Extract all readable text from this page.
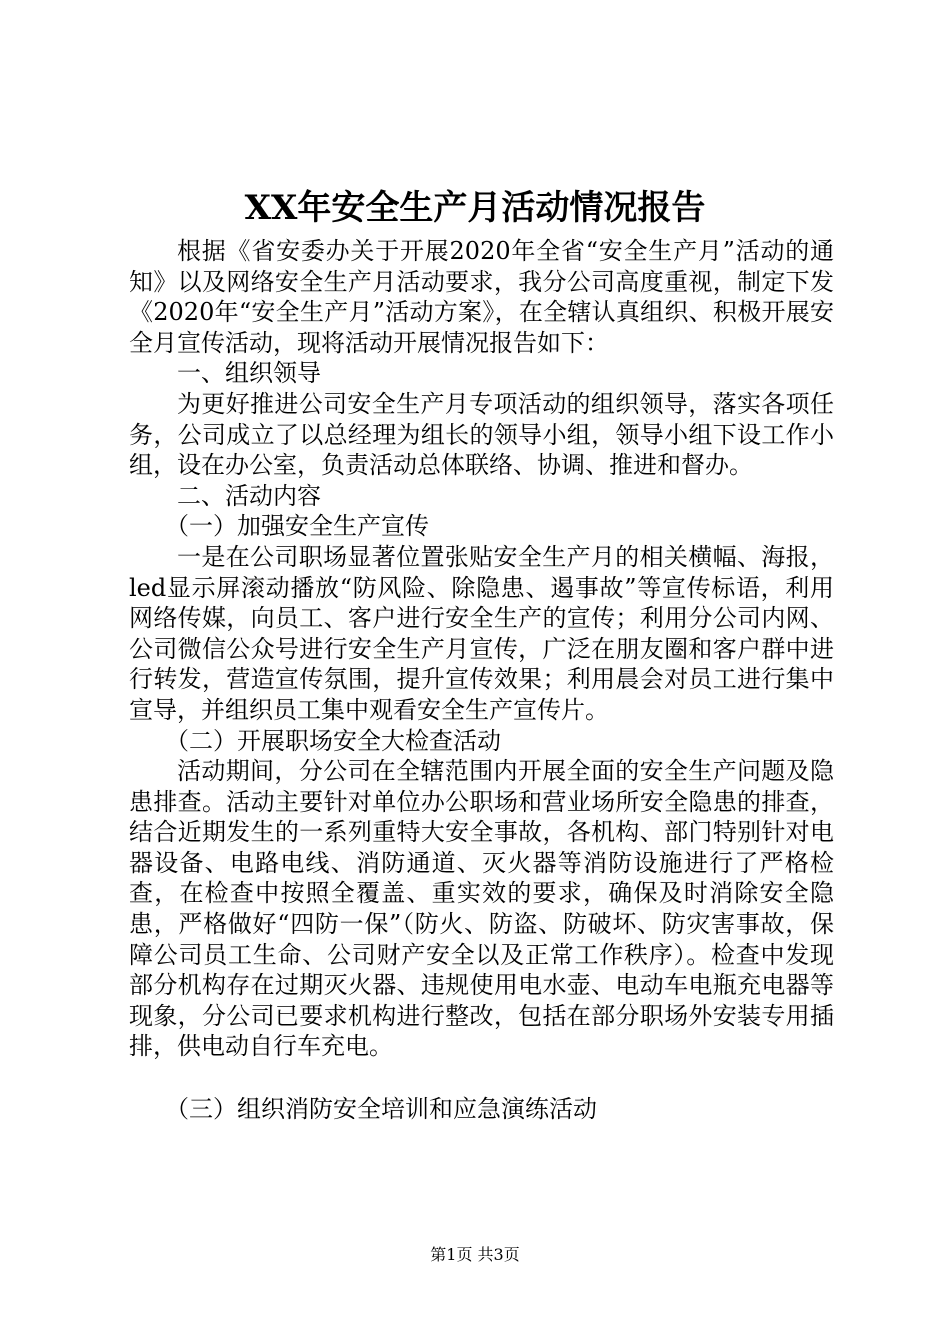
XX年安全生产月活动情况报告

根据《省安委办关于开展2020年全省“安全生产月”活动的通知》以及网络安全生产月活动要求，我分公司高度重视，制定下发《2020年“安全生产月”活动方案》，在全辖认真组织、积极开展安全月宣传活动，现将活动开展情况报告如下：

一、组织领导

为更好推进公司安全生产月专项活动的组织领导，落实各项任务，公司成立了以总经理为组长的领导小组，领导小组下设工作小组，设在办公室，负责活动总体联络、协调、推进和督办。

二、活动内容

（一）加强安全生产宣传

一是在公司职场显著位置张贴安全生产月的相关横幅、海报，led显示屏滚动播放“防风险、除隐患、遏事故”等宣传标语，利用网络传媒，向员工、客户进行安全生产的宣传；利用分公司内网、公司微信公众号进行安全生产月宣传，广泛在朋友圈和客户群中进行转发，营造宣传氛围，提升宣传效果；利用晨会对员工进行集中宣导，并组织员工集中观看安全生产宣传片。

（二）开展职场安全大检查活动

活动期间，分公司在全辖范围内开展全面的安全生产问题及隐患排查。活动主要针对单位办公职场和营业场所安全隐患的排查，结合近期发生的一系列重特大安全事故，各机构、部门特别针对电器设备、电路电线、消防通道、灭火器等消防设施进行了严格检查，在检查中按照全覆盖、重实效的要求，确保及时消除安全隐患，严格做好“四防一保”（防火、防盗、防破坏、防灾害事故，保障公司员工生命、公司财产安全以及正常工作秩序）。检查中发现部分机构存在过期灭火器、违规使用电水壶、电动车电瓶充电器等现象，分公司已要求机构进行整改，包括在部分职场外安装专用插排，供电动自行车充电。

（三）组织消防安全培训和应急演练活动

第1页 共3页
